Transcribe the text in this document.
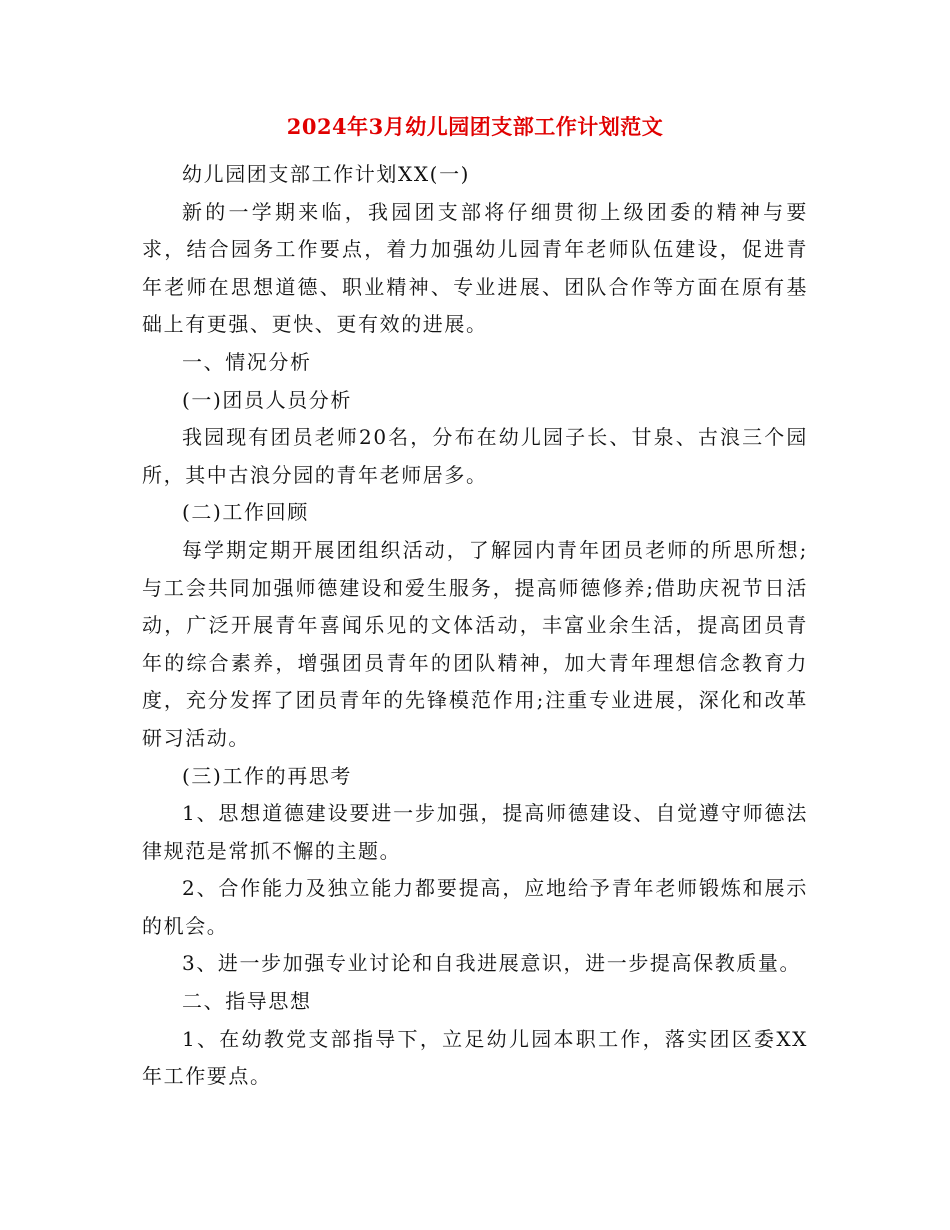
2024年3月幼儿园团支部工作计划范文

幼儿园团支部工作计划XX(一)

新的一学期来临，我园团支部将仔细贯彻上级团委的精神与要求，结合园务工作要点，着力加强幼儿园青年老师队伍建设，促进青年老师在思想道德、职业精神、专业进展、团队合作等方面在原有基础上有更强、更快、更有效的进展。

一、情况分析

(一)团员人员分析

我园现有团员老师20名，分布在幼儿园子长、甘泉、古浪三个园所，其中古浪分园的青年老师居多。

(二)工作回顾

每学期定期开展团组织活动，了解园内青年团员老师的所思所想;与工会共同加强师德建设和爱生服务，提高师德修养;借助庆祝节日活动，广泛开展青年喜闻乐见的文体活动，丰富业余生活，提高团员青年的综合素养，增强团员青年的团队精神，加大青年理想信念教育力度，充分发挥了团员青年的先锋模范作用;注重专业进展，深化和改革研习活动。

(三)工作的再思考

1、思想道德建设要进一步加强，提高师德建设、自觉遵守师德法律规范是常抓不懈的主题。

2、合作能力及独立能力都要提高，应地给予青年老师锻炼和展示的机会。

3、进一步加强专业讨论和自我进展意识，进一步提高保教质量。

二、指导思想

1、在幼教党支部指导下，立足幼儿园本职工作，落实团区委XX年工作要点。
